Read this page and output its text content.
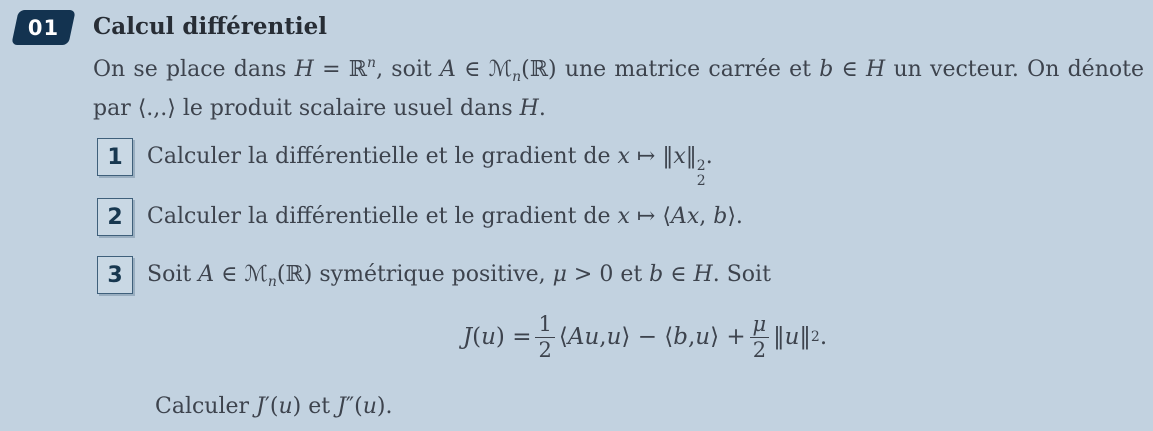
01 Calcul différentiel
On se place dans H = ℝ$^n$, soit A ∈ ℳ$_n$(ℝ) une matrice carrée et b ∈ H un vecteur. On dénote
par ⟨.,.⟩ le produit scalaire usuel dans H.
1 Calculer la différentielle et le gradient de x ↦ ‖x‖ 2
2
.
2 Calculer la différentielle et le gradient de x ↦ ⟨Ax, b⟩.
3 Soit A ∈ ℳ$_n$(ℝ) symétrique positive, μ > 0 et b ∈ H. Soit
J ( u ) = $\frac{1}{2}$ ⟨ Au , u ⟩ − ⟨ b , u ⟩ + $\frac{\mu}{2}$ ‖ u ‖ 2 .
Calculer J′(u) et J″(u).
